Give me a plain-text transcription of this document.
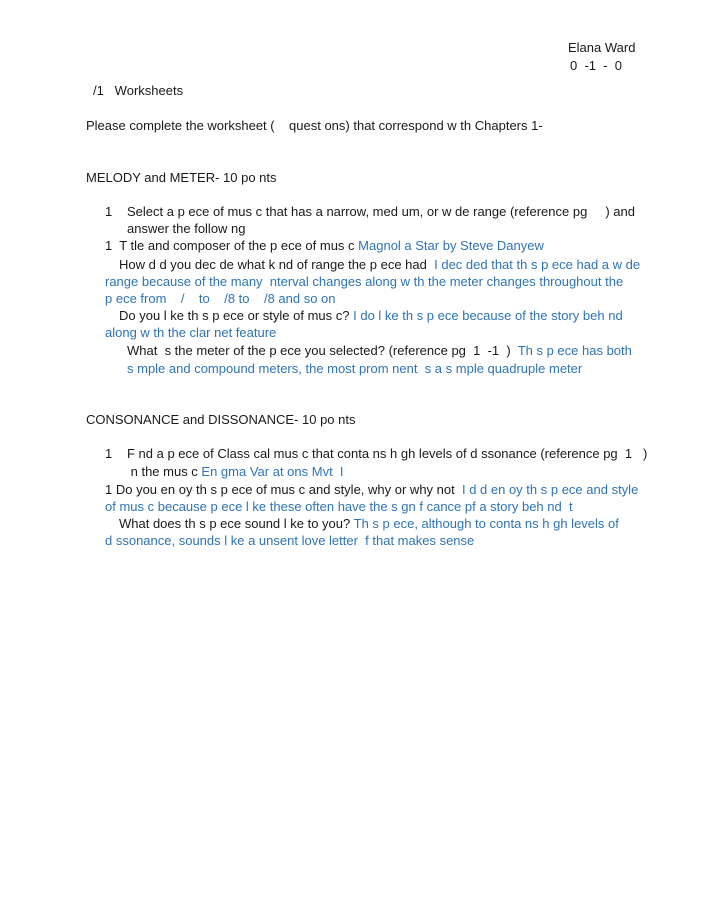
Elana Ward
0  -1  -  0
/1   Worksheets
Please complete the worksheet (    quest ons) that correspond w th Chapters 1-
MELODY and METER- 10 po nts
1 Select a p ece of mus c that has a narrow, med um, or w de range (reference pg     ) and
answer the follow ng
1  T tle and composer of the p ece of mus c Magnol a Star by Steve Danyew
How d d you dec de what k nd of range the p ece had  I dec ded that th s p ece had a w de
range because of the many  nterval changes along w th the meter changes throughout the
p ece from    /    to    /8 to    /8 and so on
Do you l ke th s p ece or style of mus c? I do l ke th s p ece because of the story beh nd
along w th the clar net feature
What  s the meter of the p ece you selected? (reference pg  1  -1  )  Th s p ece has both
s mple and compound meters, the most prom nent  s a s mple quadruple meter
CONSONANCE and DISSONANCE- 10 po nts
1 F nd a p ece of Class cal mus c that conta ns h gh levels of d ssonance (reference pg  1   )
n the mus c En gma Var at ons Mvt  I
1 Do you en oy th s p ece of mus c and style, why or why not  I d d en oy th s p ece and style
of mus c because p ece l ke these often have the s gn f cance pf a story beh nd  t
What does th s p ece sound l ke to you? Th s p ece, although to conta ns h gh levels of
d ssonance, sounds l ke a unsent love letter  f that makes sense
